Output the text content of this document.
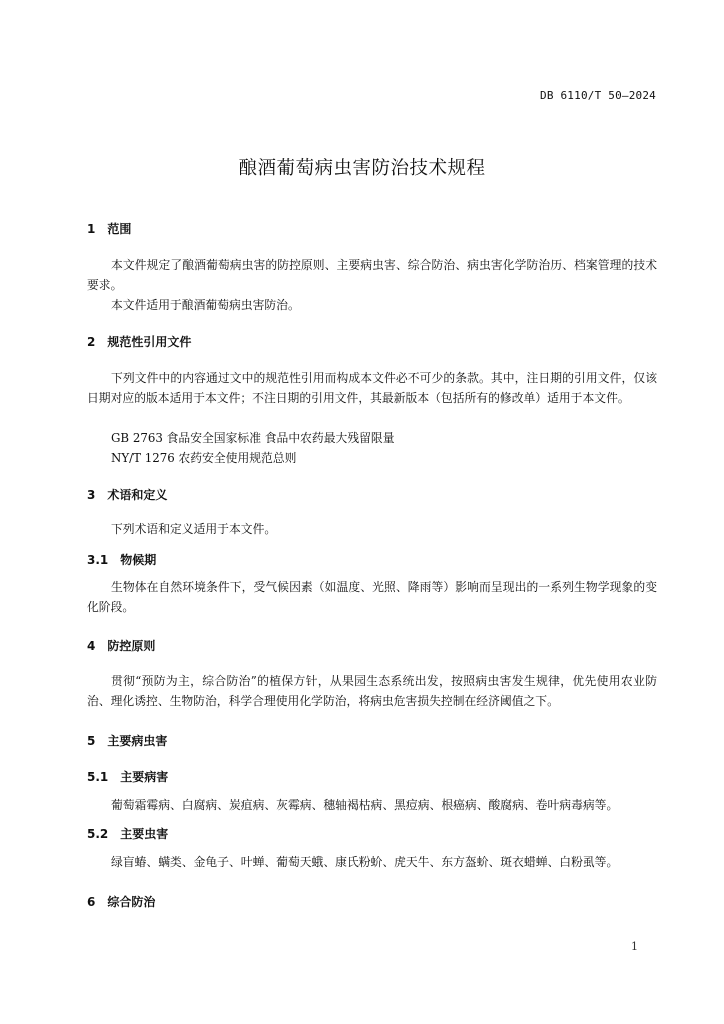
DB 6110/T 50—2024
酿酒葡萄病虫害防治技术规程
1 范围

本文件规定了酿酒葡萄病虫害的防控原则、主要病虫害、综合防治、病虫害化学防治历、档案管理的技术要求。

本文件适用于酿酒葡萄病虫害防治。

2 规范性引用文件

下列文件中的内容通过文中的规范性引用而构成本文件必不可少的条款。其中，注日期的引用文件，仅该日期对应的版本适用于本文件；不注日期的引用文件，其最新版本（包括所有的修改单）适用于本文件。

GB 2763 食品安全国家标准 食品中农药最大残留限量
NY/T 1276 农药安全使用规范总则
3 术语和定义

下列术语和定义适用于本文件。

3.1 物候期

生物体在自然环境条件下，受气候因素（如温度、光照、降雨等）影响而呈现出的一系列生物学现象的变化阶段。

4 防控原则

贯彻“预防为主，综合防治”的植保方针，从果园生态系统出发，按照病虫害发生规律，优先使用农业防治、理化诱控、生物防治，科学合理使用化学防治，将病虫危害损失控制在经济阈值之下。

5 主要病虫害
5.1 主要病害

葡萄霜霉病、白腐病、炭疽病、灰霉病、穗轴褐枯病、黑痘病、根癌病、酸腐病、卷叶病毒病等。

5.2 主要虫害

绿盲蝽、螨类、金龟子、叶蝉、葡萄天蛾、康氏粉蚧、虎天牛、东方盔蚧、斑衣蜡蝉、白粉虱等。

6 综合防治
1
